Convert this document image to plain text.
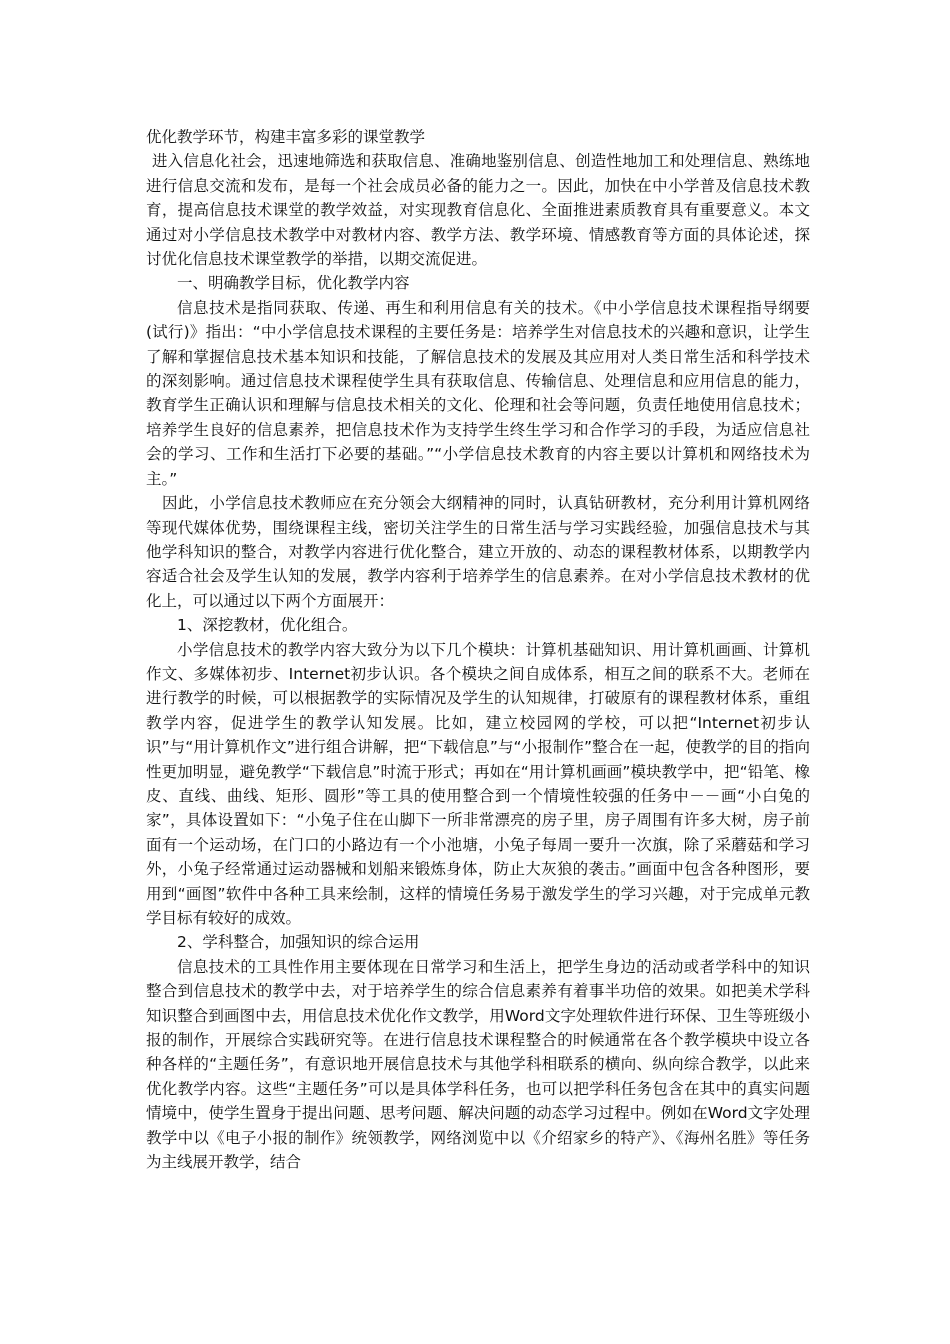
优化教学环节，构建丰富多彩的课堂教学

进入信息化社会，迅速地筛选和获取信息、准确地鉴别信息、创造性地加工和处理信息、熟练地进行信息交流和发布，是每一个社会成员必备的能力之一。因此，加快在中小学普及信息技术教育，提高信息技术课堂的教学效益，对实现教育信息化、全面推进素质教育具有重要意义。本文通过对小学信息技术教学中对教材内容、教学方法、教学环境、情感教育等方面的具体论述，探讨优化信息技术课堂教学的举措，以期交流促进。

一、明确教学目标，优化教学内容

信息技术是指同获取、传递、再生和利用信息有关的技术。《中小学信息技术课程指导纲要(试行)》指出：“中小学信息技术课程的主要任务是：培养学生对信息技术的兴趣和意识，让学生了解和掌握信息技术基本知识和技能，了解信息技术的发展及其应用对人类日常生活和科学技术的深刻影响。通过信息技术课程使学生具有获取信息、传输信息、处理信息和应用信息的能力，教育学生正确认识和理解与信息技术相关的文化、伦理和社会等问题，负责任地使用信息技术；培养学生良好的信息素养，把信息技术作为支持学生终生学习和合作学习的手段，为适应信息社会的学习、工作和生活打下必要的基础。”“小学信息技术教育的内容主要以计算机和网络技术为主。”

因此，小学信息技术教师应在充分领会大纲精神的同时，认真钻研教材，充分利用计算机网络等现代媒体优势，围绕课程主线，密切关注学生的日常生活与学习实践经验，加强信息技术与其他学科知识的整合，对教学内容进行优化整合，建立开放的、动态的课程教材体系，以期教学内容适合社会及学生认知的发展，教学内容利于培养学生的信息素养。在对小学信息技术教材的优化上，可以通过以下两个方面展开：

1、深挖教材，优化组合。

小学信息技术的教学内容大致分为以下几个模块：计算机基础知识、用计算机画画、计算机作文、多媒体初步、Internet初步认识。各个模块之间自成体系，相互之间的联系不大。老师在进行教学的时候，可以根据教学的实际情况及学生的认知规律，打破原有的课程教材体系，重组教学内容，促进学生的教学认知发展。比如，建立校园网的学校，可以把“Internet初步认识”与“用计算机作文”进行组合讲解，把“下载信息”与“小报制作”整合在一起，使教学的目的指向性更加明显，避免教学“下载信息”时流于形式；再如在“用计算机画画”模块教学中，把“铅笔、橡皮、直线、曲线、矩形、圆形”等工具的使用整合到一个情境性较强的任务中－－画“小白兔的家”，具体设置如下：“小兔子住在山脚下一所非常漂亮的房子里，房子周围有许多大树，房子前面有一个运动场，在门口的小路边有一个小池塘，小兔子每周一要升一次旗，除了采蘑菇和学习外，小兔子经常通过运动器械和划船来锻炼身体，防止大灰狼的袭击。”画面中包含各种图形，要用到“画图”软件中各种工具来绘制，这样的情境任务易于激发学生的学习兴趣，对于完成单元教学目标有较好的成效。

2、学科整合，加强知识的综合运用

信息技术的工具性作用主要体现在日常学习和生活上，把学生身边的活动或者学科中的知识整合到信息技术的教学中去，对于培养学生的综合信息素养有着事半功倍的效果。如把美术学科知识整合到画图中去，用信息技术优化作文教学，用Word文字处理软件进行环保、卫生等班级小报的制作，开展综合实践研究等。在进行信息技术课程整合的时候通常在各个教学模块中设立各种各样的“主题任务”，有意识地开展信息技术与其他学科相联系的横向、纵向综合教学，以此来优化教学内容。这些“主题任务”可以是具体学科任务，也可以把学科任务包含在其中的真实问题情境中，使学生置身于提出问题、思考问题、解决问题的动态学习过程中。例如在Word文字处理教学中以《电子小报的制作》统领教学，网络浏览中以《介绍家乡的特产》、《海州名胜》等任务为主线展开教学，结合
